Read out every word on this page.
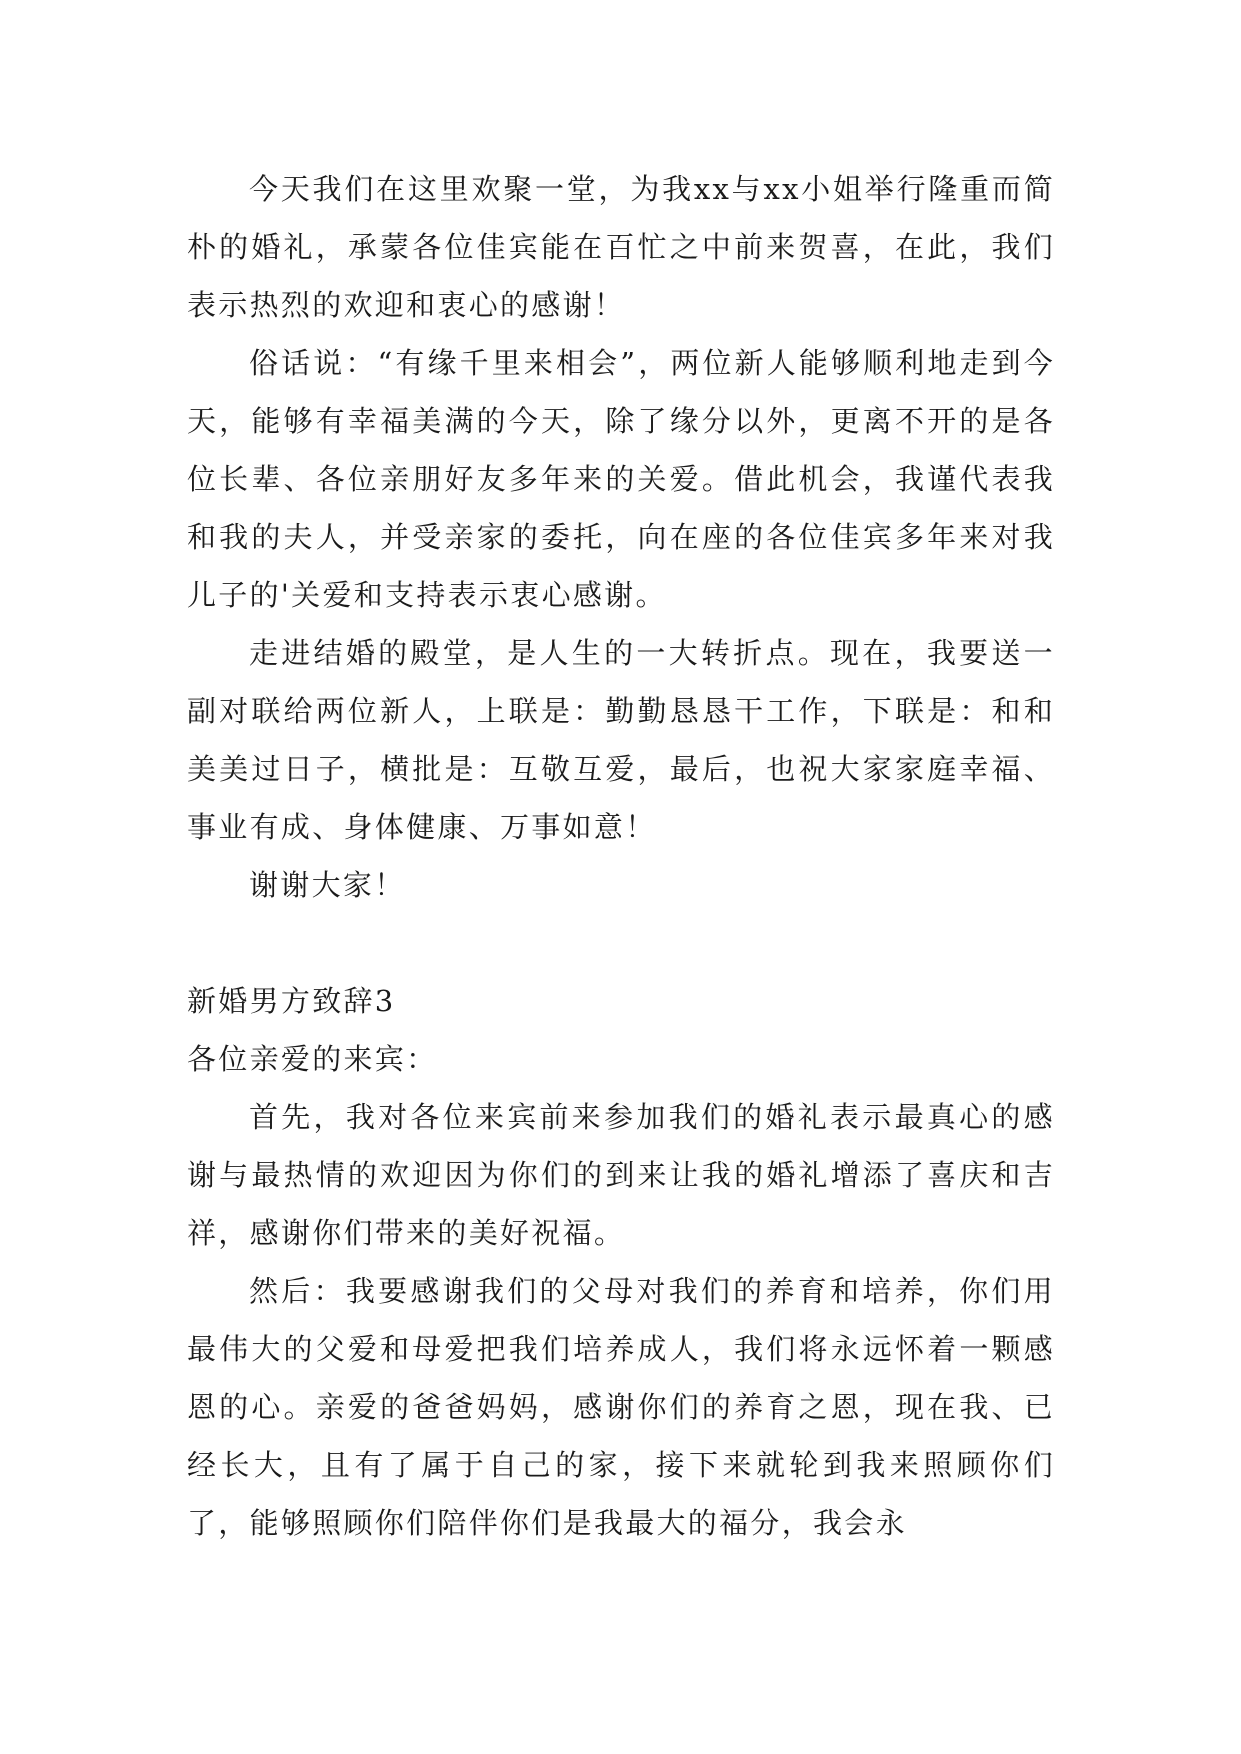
今天我们在这里欢聚一堂，为我xx与xx小姐举行隆重而简朴的婚礼，承蒙各位佳宾能在百忙之中前来贺喜，在此，我们表示热烈的欢迎和衷心的感谢！

俗话说：“有缘千里来相会”，两位新人能够顺利地走到今天，能够有幸福美满的今天，除了缘分以外，更离不开的是各位长辈、各位亲朋好友多年来的关爱。借此机会，我谨代表我和我的夫人，并受亲家的委托，向在座的各位佳宾多年来对我儿子的'关爱和支持表示衷心感谢。

走进结婚的殿堂，是人生的一大转折点。现在，我要送一副对联给两位新人，上联是：勤勤恳恳干工作，下联是：和和美美过日子，横批是：互敬互爱，最后，也祝大家家庭幸福、事业有成、身体健康、万事如意！

谢谢大家！

新婚男方致辞3

各位亲爱的来宾：

首先，我对各位来宾前来参加我们的婚礼表示最真心的感谢与最热情的欢迎因为你们的到来让我的婚礼增添了喜庆和吉祥，感谢你们带来的美好祝福。

然后：我要感谢我们的父母对我们的养育和培养，你们用最伟大的父爱和母爱把我们培养成人，我们将永远怀着一颗感恩的心。亲爱的爸爸妈妈，感谢你们的养育之恩，现在我、已经长大，且有了属于自己的家，接下来就轮到我来照顾你们了，能够照顾你们陪伴你们是我最大的福分，我会永
